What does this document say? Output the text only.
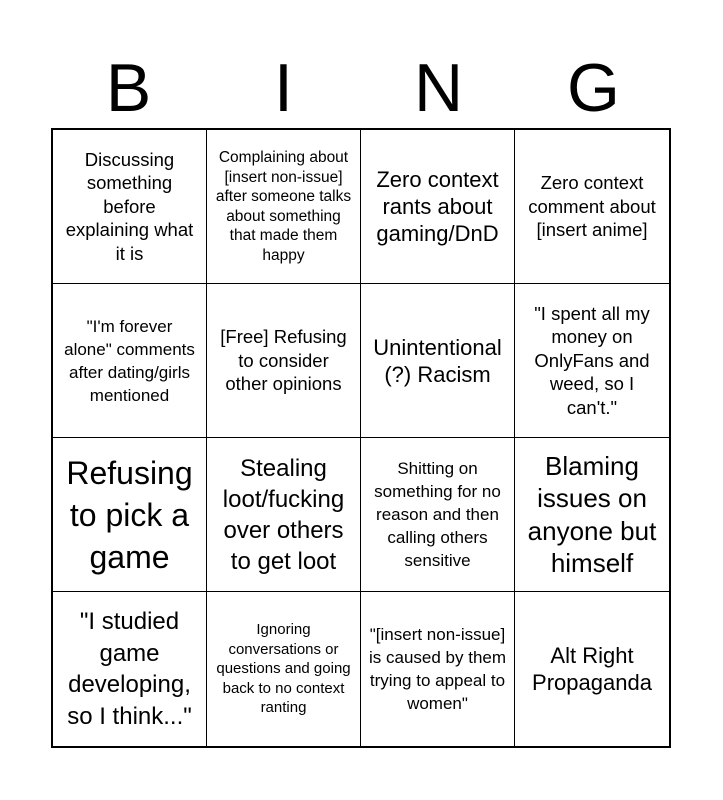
B	I	N	G
Discussing something before explaining what it is
Complaining about [insert non-issue] after someone talks about something that made them happy
Zero context rants about gaming/DnD
Zero context comment about [insert anime]
"I'm forever alone" comments after dating/girls mentioned
[Free] Refusing to consider other opinions
Unintentional (?) Racism
"I spent all my money on OnlyFans and weed, so I can't."
Refusing to pick a game
Stealing loot/fucking over others to get loot
Shitting on something for no reason and then calling others sensitive
Blaming issues on anyone but himself
"I studied game developing, so I think..."
Ignoring conversations or questions and going back to no context ranting
"[insert non-issue] is caused by them trying to appeal to women"
Alt Right Propaganda
